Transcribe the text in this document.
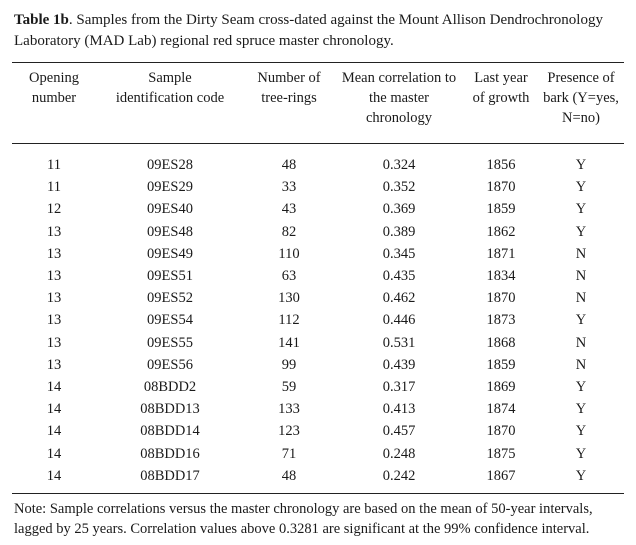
Table 1b. Samples from the Dirty Seam cross-dated against the Mount Allison Dendrochronology Laboratory (MAD Lab) regional red spruce master chronology.
Opening number	Sample identification code	Number of tree-rings	Mean correlation to the master chronology	Last year of growth	Presence of bark (Y=yes, N=no)
11	09ES28	48	0.324	1856	Y
11	09ES29	33	0.352	1870	Y
12	09ES40	43	0.369	1859	Y
13	09ES48	82	0.389	1862	Y
13	09ES49	110	0.345	1871	N
13	09ES51	63	0.435	1834	N
13	09ES52	130	0.462	1870	N
13	09ES54	112	0.446	1873	Y
13	09ES55	141	0.531	1868	N
13	09ES56	99	0.439	1859	N
14	08BDD2	59	0.317	1869	Y
14	08BDD13	133	0.413	1874	Y
14	08BDD14	123	0.457	1870	Y
14	08BDD16	71	0.248	1875	Y
14	08BDD17	48	0.242	1867	Y
Note: Sample correlations versus the master chronology are based on the mean of 50-year intervals, lagged by 25 years. Correlation values above 0.3281 are significant at the 99% confidence interval.
